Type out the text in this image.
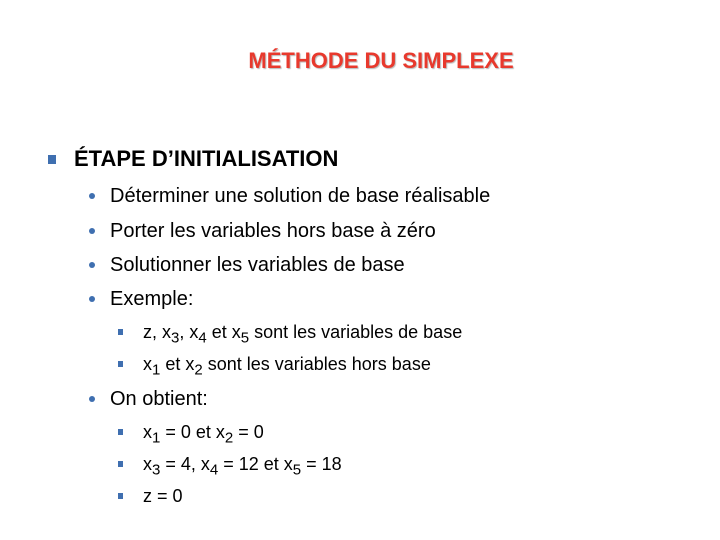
MÉTHODE DU SIMPLEXE
ÉTAPE D’INITIALISATION
Déterminer une solution de base réalisable
Porter les variables hors base à zéro
Solutionner les variables de base
Exemple:
z, $x_3$, $x_4$ et $x_5$ sont les variables de base
$x_1$ et $x_2$ sont les variables hors base
On obtient:
$x_1 = 0$ et $x_2 = 0$
$x_3 = 4$, $x_4 = 12$ et $x_5 = 18$
z = 0
